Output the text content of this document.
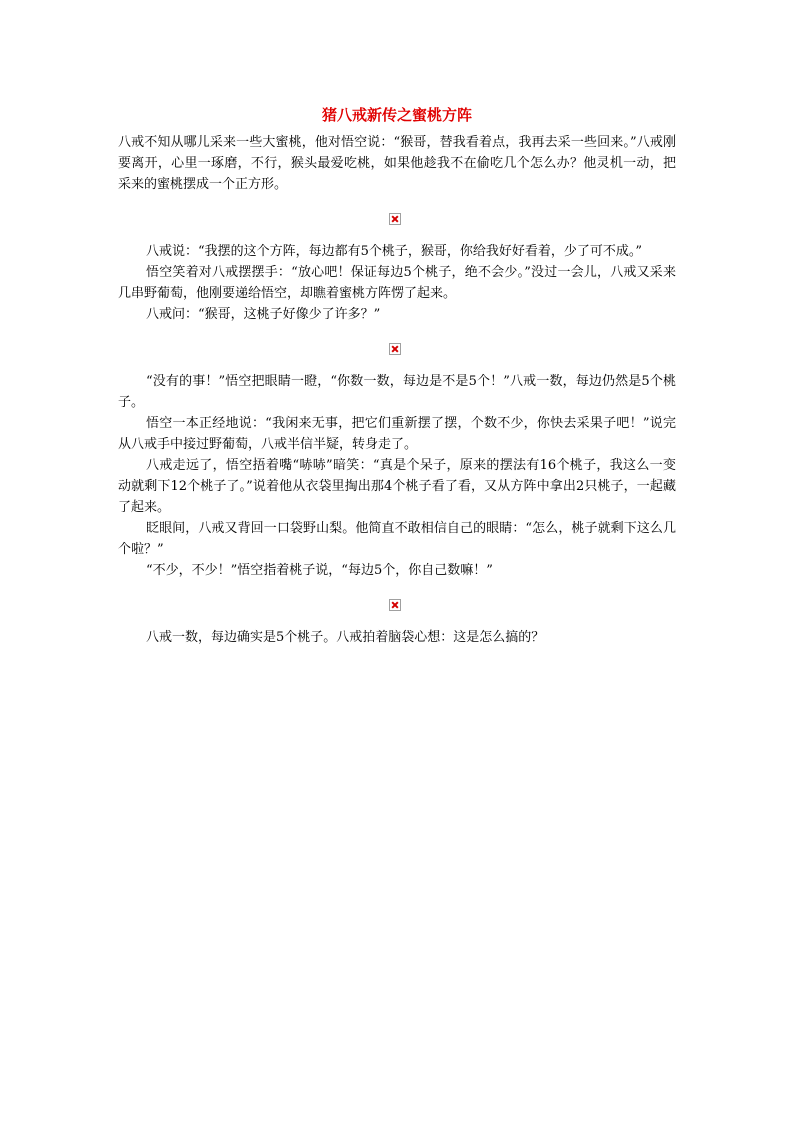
猪八戒新传之蜜桃方阵

八戒不知从哪儿采来一些大蜜桃，他对悟空说：“猴哥，替我看着点，我再去采一些回来。”八戒刚要离开，心里一琢磨，不行，猴头最爱吃桃，如果他趁我不在偷吃几个怎么办？他灵机一动，把采来的蜜桃摆成一个正方形。

八戒说：“我摆的这个方阵，每边都有5个桃子，猴哥，你给我好好看着，少了可不成。”

悟空笑着对八戒摆摆手：“放心吧！保证每边5个桃子，绝不会少。”没过一会儿，八戒又采来几串野葡萄，他刚要递给悟空，却瞧着蜜桃方阵愣了起来。

八戒问：“猴哥，这桃子好像少了许多？”

“没有的事！”悟空把眼睛一瞪，“你数一数，每边是不是5个！”八戒一数，每边仍然是5个桃子。

悟空一本正经地说：“我闲来无事，把它们重新摆了摆，个数不少，你快去采果子吧！”说完从八戒手中接过野葡萄，八戒半信半疑，转身走了。

八戒走远了，悟空捂着嘴“哧哧”暗笑：“真是个呆子，原来的摆法有16个桃子，我这么一变动就剩下12个桃子了。”说着他从衣袋里掏出那4个桃子看了看，又从方阵中拿出2只桃子，一起藏了起来。

眨眼间，八戒又背回一口袋野山梨。他简直不敢相信自己的眼睛：“怎么，桃子就剩下这么几个啦？”

“不少，不少！”悟空指着桃子说，“每边5个，你自己数嘛！”

八戒一数，每边确实是5个桃子。八戒拍着脑袋心想：这是怎么搞的？
